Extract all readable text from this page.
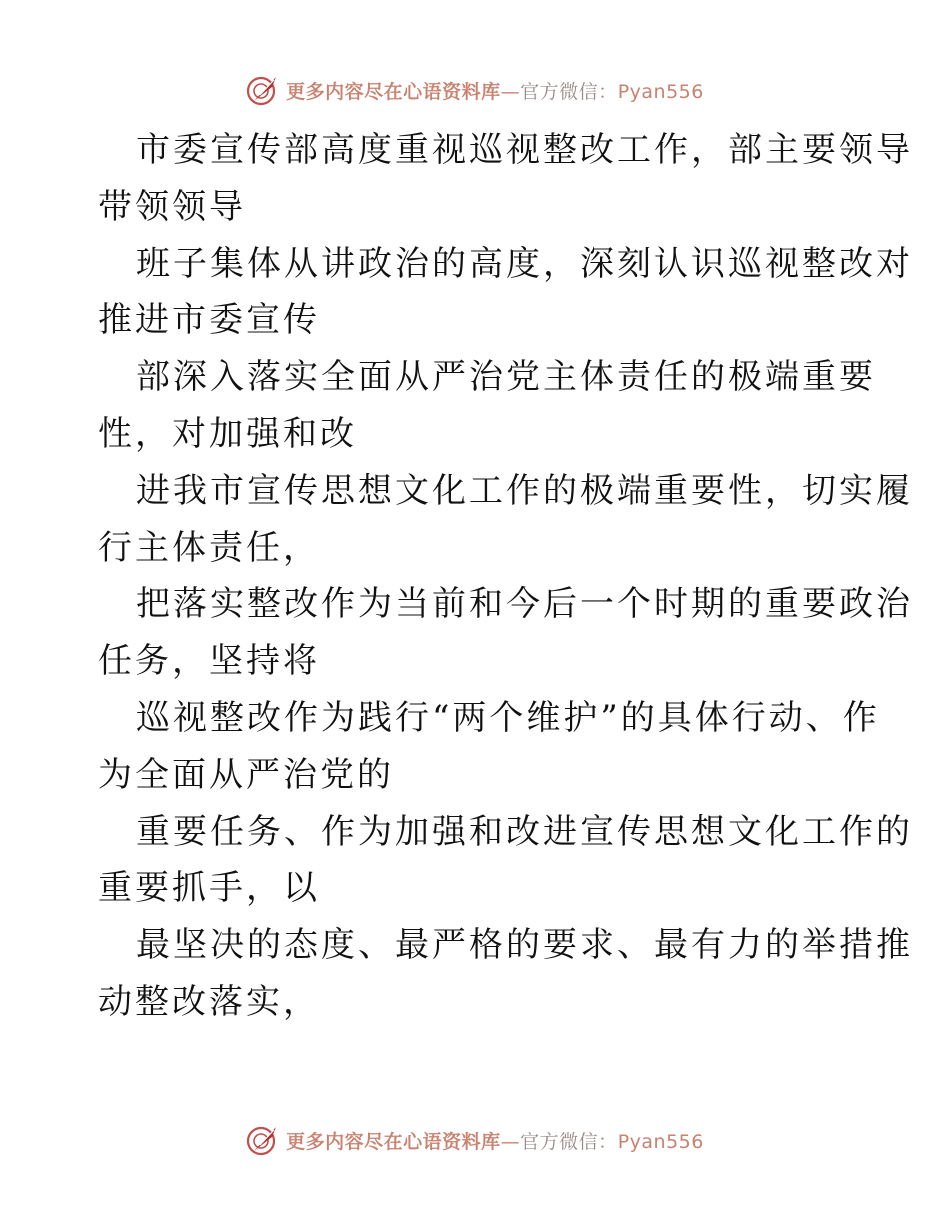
更多内容尽在心语资料库—官方微信：Pyan556
市委宣传部高度重视巡视整改工作，部主要领导
带领领导
班子集体从讲政治的高度，深刻认识巡视整改对
推进市委宣传
部深入落实全面从严治党主体责任的极端重要
性，对加强和改
进我市宣传思想文化工作的极端重要性，切实履
行主体责任，
把落实整改作为当前和今后一个时期的重要政治
任务，坚持将
巡视整改作为践行“两个维护”的具体行动、作
为全面从严治党的
重要任务、作为加强和改进宣传思想文化工作的
重要抓手，以
最坚决的态度、最严格的要求、最有力的举措推
动整改落实，
更多内容尽在心语资料库—官方微信：Pyan556
